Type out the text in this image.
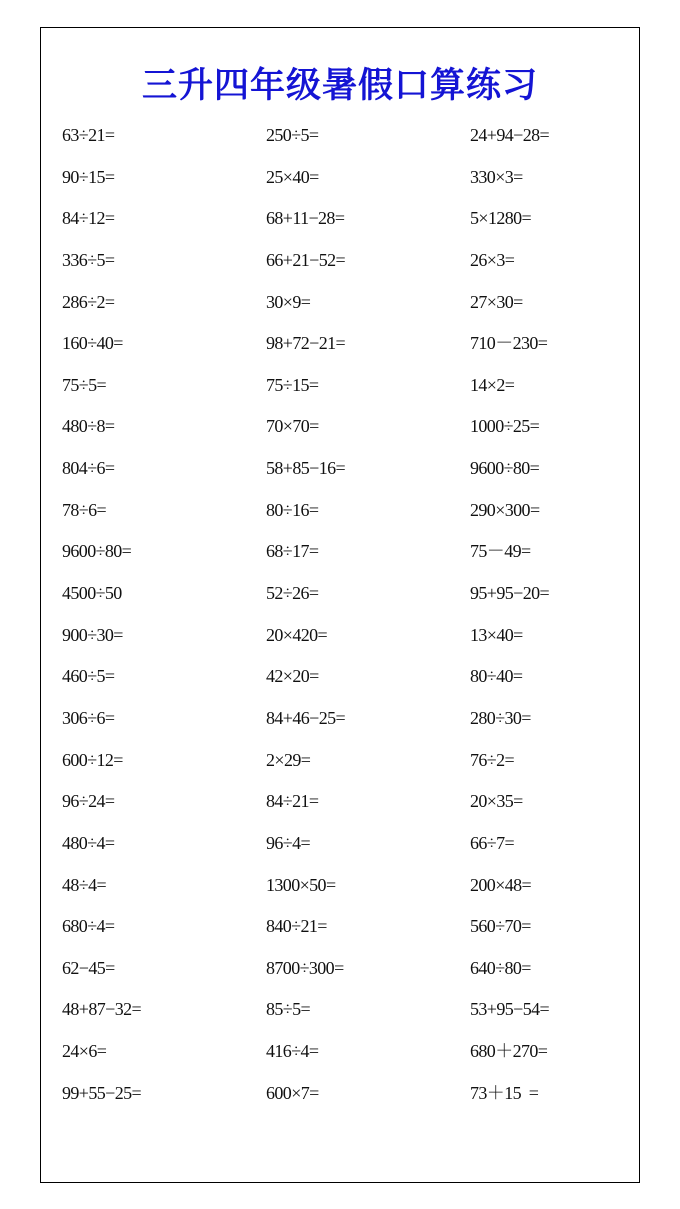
三升四年级暑假口算练习
63÷21=	250÷5=	24+94−28=
90÷15=	25×40=	330×3=
84÷12=	68+11−28=	5×1280=
336÷5=	66+21−52=	26×3=
286÷2=	30×9=	27×30=
160÷40=	98+72−21=	710－230=
75÷5=	75÷15=	14×2=
480÷8=	70×70=	1000÷25=
804÷6=	58+85−16=	9600÷80=
78÷6=	80÷16=	290×300=
9600÷80=	68÷17=	75－49=
4500÷50	52÷26=	95+95−20=
900÷30=	20×420=	13×40=
460÷5=	42×20=	80÷40=
306÷6=	84+46−25=	280÷30=
600÷12=	2×29=	76÷2=
96÷24=	84÷21=	20×35=
480÷4=	96÷4=	66÷7=
48÷4=	1300×50=	200×48=
680÷4=	840÷21=	560÷70=
62−45=	8700÷300=	640÷80=
48+87−32=	85÷5=	53+95−54=
24×6=	416÷4=	680＋270=
99+55−25=	600×7=	73＋15  =
